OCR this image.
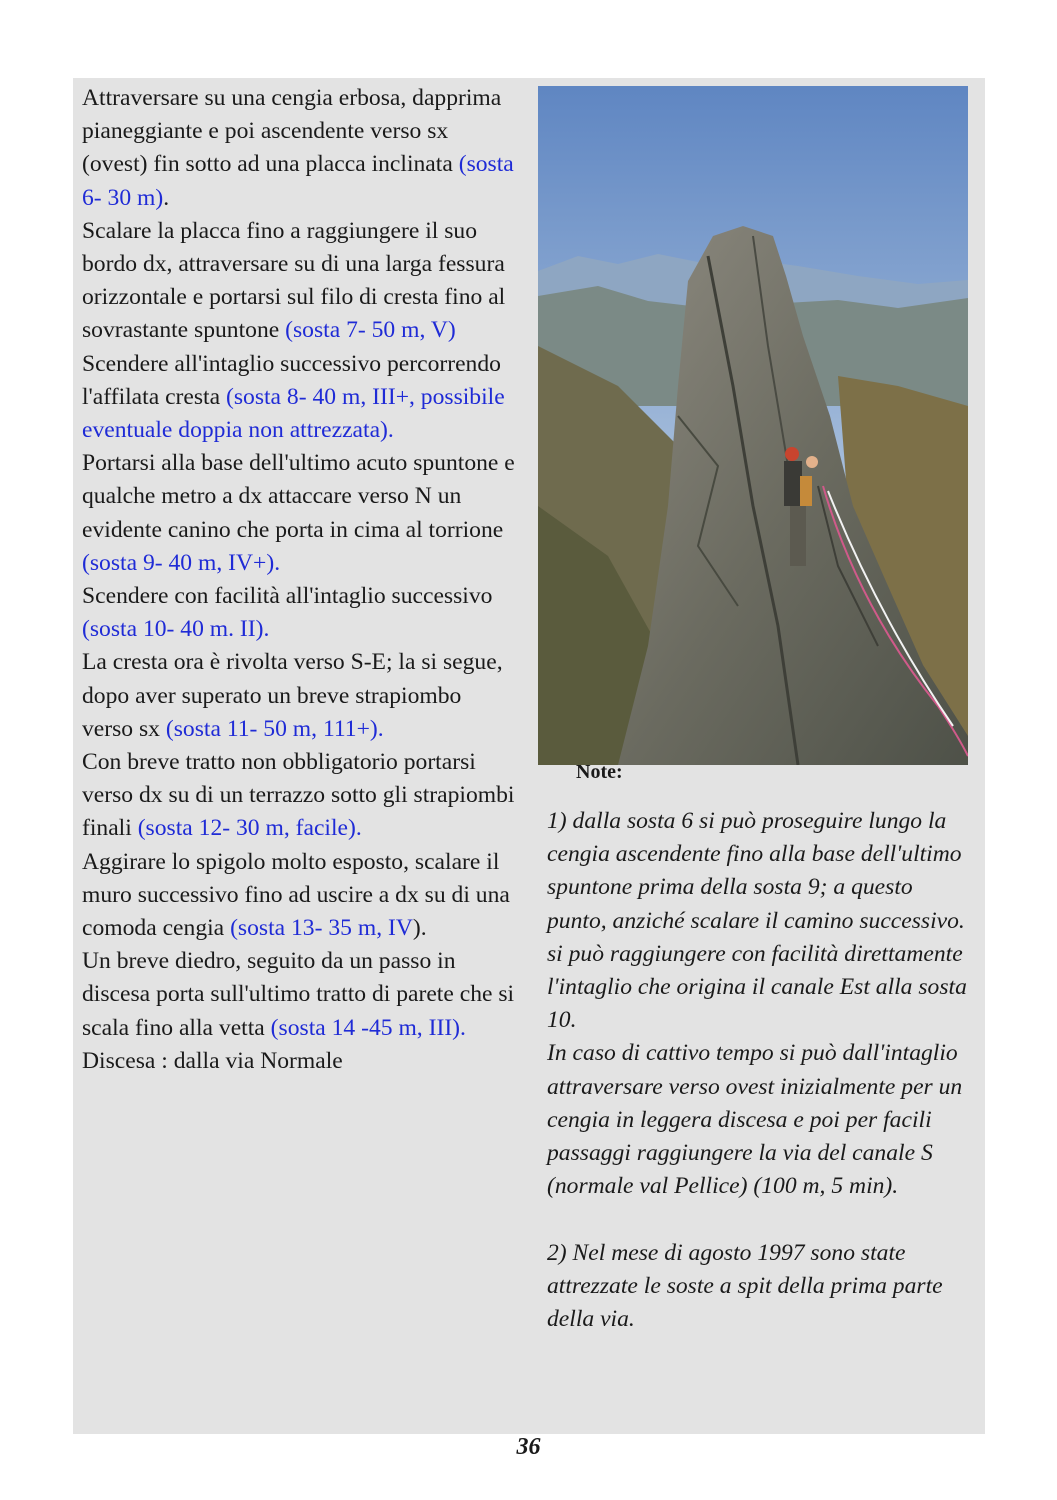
Attraversare su una cengia erbosa, dapprima pianeggiante e poi ascendente verso sx (ovest) fin sotto ad una placca inclinata (sosta 6- 30 m).

Scalare la placca fino a raggiungere il suo bordo dx, attraversare su di una larga fessura orizzontale e portarsi sul filo di cresta fino al sovrastante spuntone (sosta 7- 50 m, V)

Scendere all'intaglio successivo percorrendo l'affilata cresta (sosta 8- 40 m, III+, possibile eventuale doppia non attrezzata).

Portarsi alla base dell'ultimo acuto spuntone e qualche metro a dx attaccare verso N un evidente canino che porta in cima al torrione (sosta 9- 40 m, IV+).

Scendere con facilità all'intaglio successivo (sosta 10- 40 m. II).

La cresta ora è rivolta verso S-E; la si segue, dopo aver superato un breve strapiombo verso sx (sosta 11- 50 m, 111+).

Con breve tratto non obbligatorio portarsi verso dx su di un terrazzo sotto gli strapiombi finali (sosta 12- 30 m, facile).

Aggirare lo spigolo molto esposto, scalare il muro successivo fino ad uscire a dx su di una comoda cengia (sosta 13- 35 m, IV).

Un breve diedro, seguito da un passo in discesa porta sull'ultimo tratto di parete che si scala fino alla vetta (sosta 14 -45 m, III).

Discesa : dalla via Normale

Note:

1) dalla sosta 6 si può proseguire lungo la cengia ascendente fino alla base dell'ultimo spuntone prima della sosta 9; a questo punto, anziché scalare il camino successivo. si può raggiungere con facilità direttamente l'intaglio che origina il canale Est alla sosta 10.

In caso di cattivo tempo si può dall'intaglio attraversare verso ovest inizialmente per un cengia in leggera discesa e poi per facili passaggi raggiungere la via del canale S (normale val Pellice) (100 m, 5 min).

2) Nel mese di agosto 1997 sono state attrezzate le soste a spit della prima parte della via.

36
